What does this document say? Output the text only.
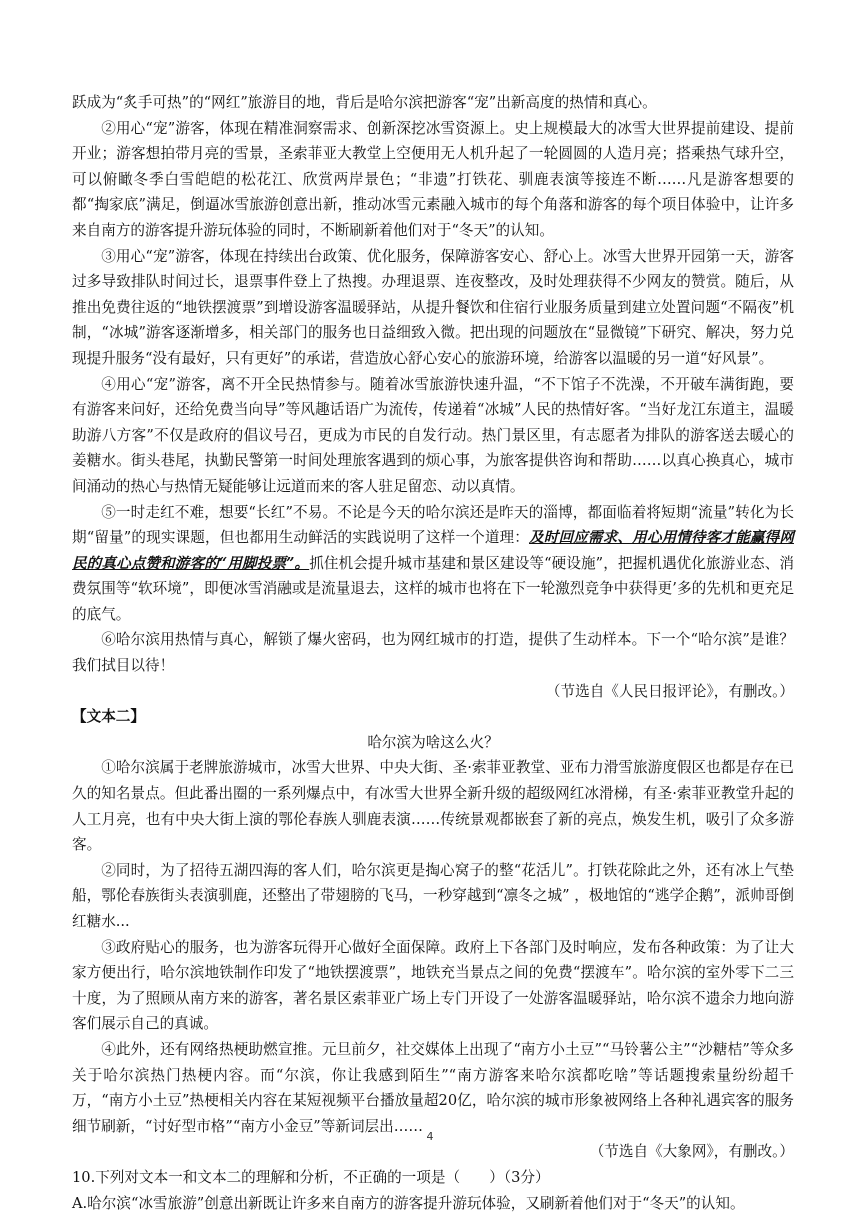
跃成为“炙手可热”的“网红”旅游目的地，背后是哈尔滨把游客“宠”出新高度的热情和真心。

②用心“宠”游客，体现在精准洞察需求、创新深挖冰雪资源上。史上规模最大的冰雪大世界提前建设、提前开业；游客想拍带月亮的雪景，圣索菲亚大教堂上空便用无人机升起了一轮圆圆的人造月亮；搭乘热气球升空，可以俯瞰冬季白雪皑皑的松花江、欣赏两岸景色；“非遗”打铁花、驯鹿表演等接连不断……凡是游客想要的都“掏家底”满足，倒逼冰雪旅游创意出新，推动冰雪元素融入城市的每个角落和游客的每个项目体验中，让许多来自南方的游客提升游玩体验的同时，不断刷新着他们对于“冬天”的认知。

③用心“宠”游客，体现在持续出台政策、优化服务，保障游客安心、舒心上。冰雪大世界开园第一天，游客过多导致排队时间过长，退票事件登上了热搜。办理退票、连夜整改，及时处理获得不少网友的赞赏。随后，从推出免费往返的“地铁摆渡票”到增设游客温暖驿站，从提升餐饮和住宿行业服务质量到建立处置问题“不隔夜”机制，“冰城”游客逐渐增多，相关部门的服务也日益细致入微。把出现的问题放在“显微镜”下研究、解决，努力兑现提升服务“没有最好，只有更好”的承诺，营造放心舒心安心的旅游环境，给游客以温暖的另一道“好风景”。

④用心“宠”游客，离不开全民热情参与。随着冰雪旅游快速升温，“不下馆子不洗澡，不开破车满街跑，要有游客来问好，还给免费当向导”等风趣话语广为流传，传递着“冰城”人民的热情好客。“当好龙江东道主，温暖助游八方客”不仅是政府的倡议号召，更成为市民的自发行动。热门景区里，有志愿者为排队的游客送去暖心的姜糖水。街头巷尾，执勤民警第一时间处理旅客遇到的烦心事，为旅客提供咨询和帮助……以真心换真心，城市间涌动的热心与热情无疑能够让远道而来的客人驻足留恋、动以真情。

⑤一时走红不难，想要“长红”不易。不论是今天的哈尔滨还是昨天的淄博，都面临着将短期“流量”转化为长期“留量”的现实课题，但也都用生动鲜活的实践说明了这样一个道理：及时回应需求、用心用情待客才能赢得网民的真心点赞和游客的“用脚投票”。抓住机会提升城市基建和景区建设等“硬设施”，把握机遇优化旅游业态、消费氛围等“软环境”，即便冰雪消融或是流量退去，这样的城市也将在下一轮激烈竞争中获得更’多的先机和更充足的底气。

⑥哈尔滨用热情与真心，解锁了爆火密码，也为网红城市的打造，提供了生动样本。下一个“哈尔滨”是谁？我们拭目以待！

（节选自《人民日报评论》，有删改。）

【文本二】

哈尔滨为啥这么火？

①哈尔滨属于老牌旅游城市，冰雪大世界、中央大街、圣·索菲亚教堂、亚布力滑雪旅游度假区也都是存在已久的知名景点。但此番出圈的一系列爆点中，有冰雪大世界全新升级的超级网红冰滑梯，有圣·索菲亚教堂升起的人工月亮，也有中央大街上演的鄂伦春族人驯鹿表演……传统景观都嵌套了新的亮点，焕发生机，吸引了众多游客。

②同时，为了招待五湖四海的客人们，哈尔滨更是掏心窝子的整“花活儿”。打铁花除此之外，还有冰上气垫船，鄂伦春族街头表演驯鹿，还整出了带翅膀的飞马，一秒穿越到“凛冬之城” ，极地馆的“逃学企鹅”，派帅哥倒红糖水...

③政府贴心的服务，也为游客玩得开心做好全面保障。政府上下各部门及时响应，发布各种政策：为了让大家方便出行，哈尔滨地铁制作印发了“地铁摆渡票”，地铁充当景点之间的免费“摆渡车”。哈尔滨的室外零下二三十度，为了照顾从南方来的游客，著名景区索菲亚广场上专门开设了一处游客温暖驿站，哈尔滨不遗余力地向游客们展示自己的真诚。

④此外，还有网络热梗助燃宣推。元旦前夕，社交媒体上出现了“南方小土豆”“马铃薯公主”“沙糖桔”等众多关于哈尔滨热门热梗内容。而“尔滨，你让我感到陌生”“南方游客来哈尔滨都吃啥”等话题搜索量纷纷超千万，“南方小土豆”热梗相关内容在某短视频平台播放量超20亿，哈尔滨的城市形象被网络上各种礼遇宾客的服务细节刷新，“讨好型市格”“南方小金豆”等新词层出……

（节选自《大象网》，有删改。）

10.下列对文本一和文本二的理解和分析，不正确的一项是（　　）（3分）

A.哈尔滨“冰雪旅游”创意出新既让许多来自南方的游客提升游玩体验，又刷新着他们对于“冬天”的认知。

4
